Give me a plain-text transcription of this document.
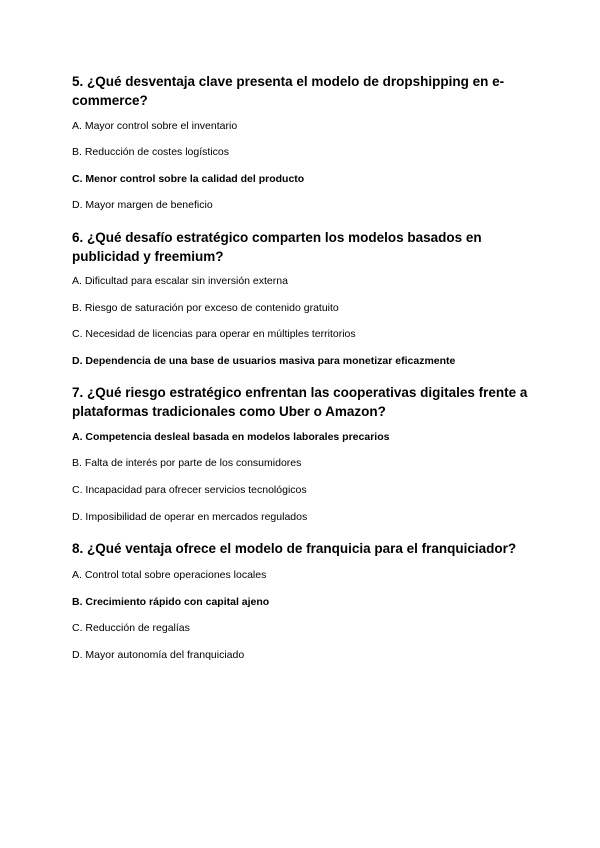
5. ¿Qué desventaja clave presenta el modelo de dropshipping en e-commerce?

A. Mayor control sobre el inventario

B. Reducción de costes logísticos

C. Menor control sobre la calidad del producto

D. Mayor margen de beneficio

6. ¿Qué desafío estratégico comparten los modelos basados en publicidad y freemium?

A. Dificultad para escalar sin inversión externa

B. Riesgo de saturación por exceso de contenido gratuito

C. Necesidad de licencias para operar en múltiples territorios

D. Dependencia de una base de usuarios masiva para monetizar eficazmente

7. ¿Qué riesgo estratégico enfrentan las cooperativas digitales frente a plataformas tradicionales como Uber o Amazon?

A. Competencia desleal basada en modelos laborales precarios

B. Falta de interés por parte de los consumidores

C. Incapacidad para ofrecer servicios tecnológicos

D. Imposibilidad de operar en mercados regulados

8. ¿Qué ventaja ofrece el modelo de franquicia para el franquiciador?

A. Control total sobre operaciones locales

B. Crecimiento rápido con capital ajeno

C. Reducción de regalías

D. Mayor autonomía del franquiciado
